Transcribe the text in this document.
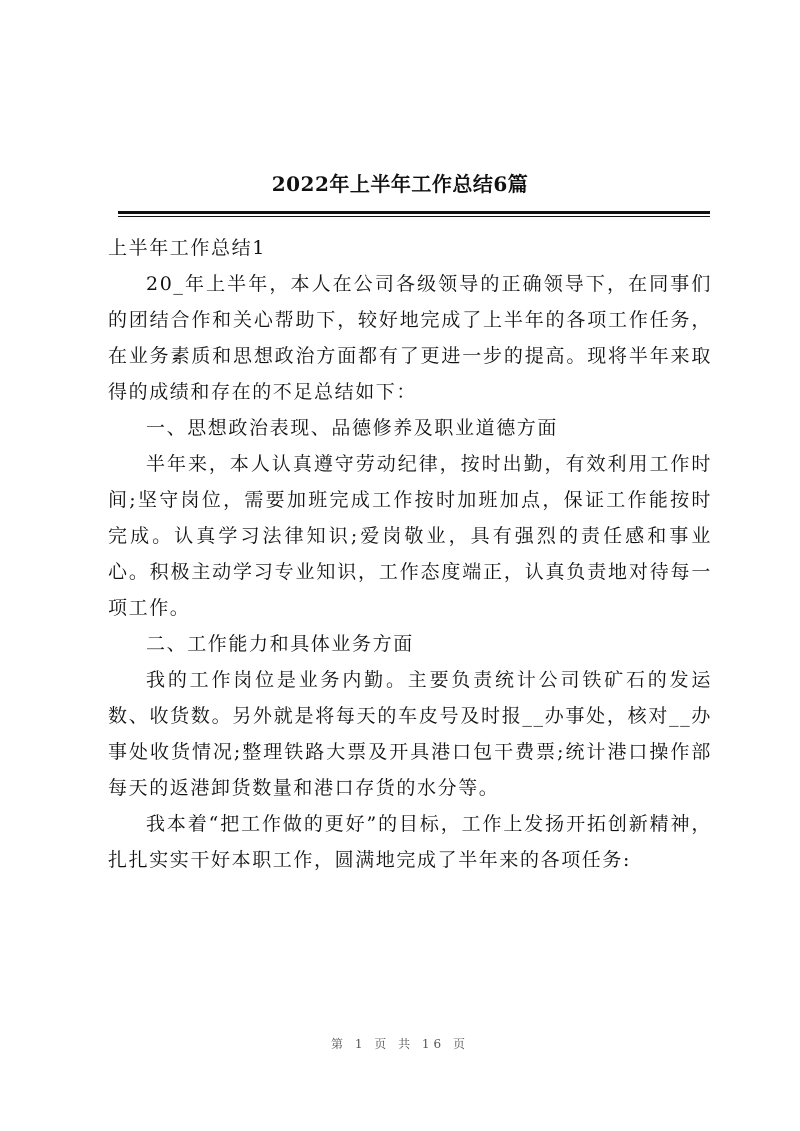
2022年上半年工作总结6篇

上半年工作总结1

20_年上半年，本人在公司各级领导的正确领导下，在同事们的团结合作和关心帮助下，较好地完成了上半年的各项工作任务，在业务素质和思想政治方面都有了更进一步的提高。现将半年来取得的成绩和存在的不足总结如下：

一、思想政治表现、品德修养及职业道德方面

半年来，本人认真遵守劳动纪律，按时出勤，有效利用工作时间;坚守岗位，需要加班完成工作按时加班加点，保证工作能按时完成。认真学习法律知识;爱岗敬业，具有强烈的责任感和事业心。积极主动学习专业知识，工作态度端正，认真负责地对待每一项工作。

二、工作能力和具体业务方面

我的工作岗位是业务内勤。主要负责统计公司铁矿石的发运数、收货数。另外就是将每天的车皮号及时报__办事处，核对__办事处收货情况;整理铁路大票及开具港口包干费票;统计港口操作部每天的返港卸货数量和港口存货的水分等。

我本着“把工作做的更好”的目标，工作上发扬开拓创新精神，扎扎实实干好本职工作，圆满地完成了半年来的各项任务:

第 1 页 共 16 页
